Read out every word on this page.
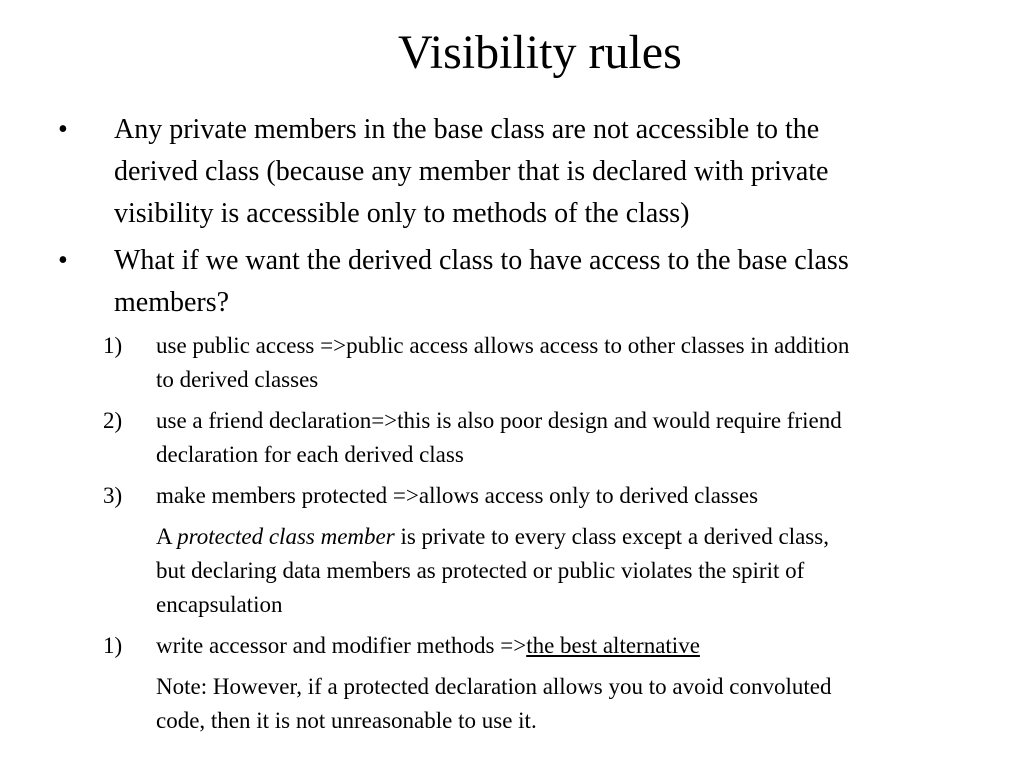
Visibility rules
• Any private members in the base class are not accessible to the
derived class (because any member that is declared with private
visibility is accessible only to methods of the class)
• What if we want the derived class to have access to the base class
members?
1) use public access =>public access allows access to other classes in addition
to derived classes
2) use a friend declaration=>this is also poor design and would require friend
declaration for each derived class
3) make members protected =>allows access only to derived classes
A protected class member is private to every class except a derived class,
but declaring data members as protected or public violates the spirit of
encapsulation
1) write accessor and modifier methods =>the best alternative
Note: However, if a protected declaration allows you to avoid convoluted
code, then it is not unreasonable to use it.
